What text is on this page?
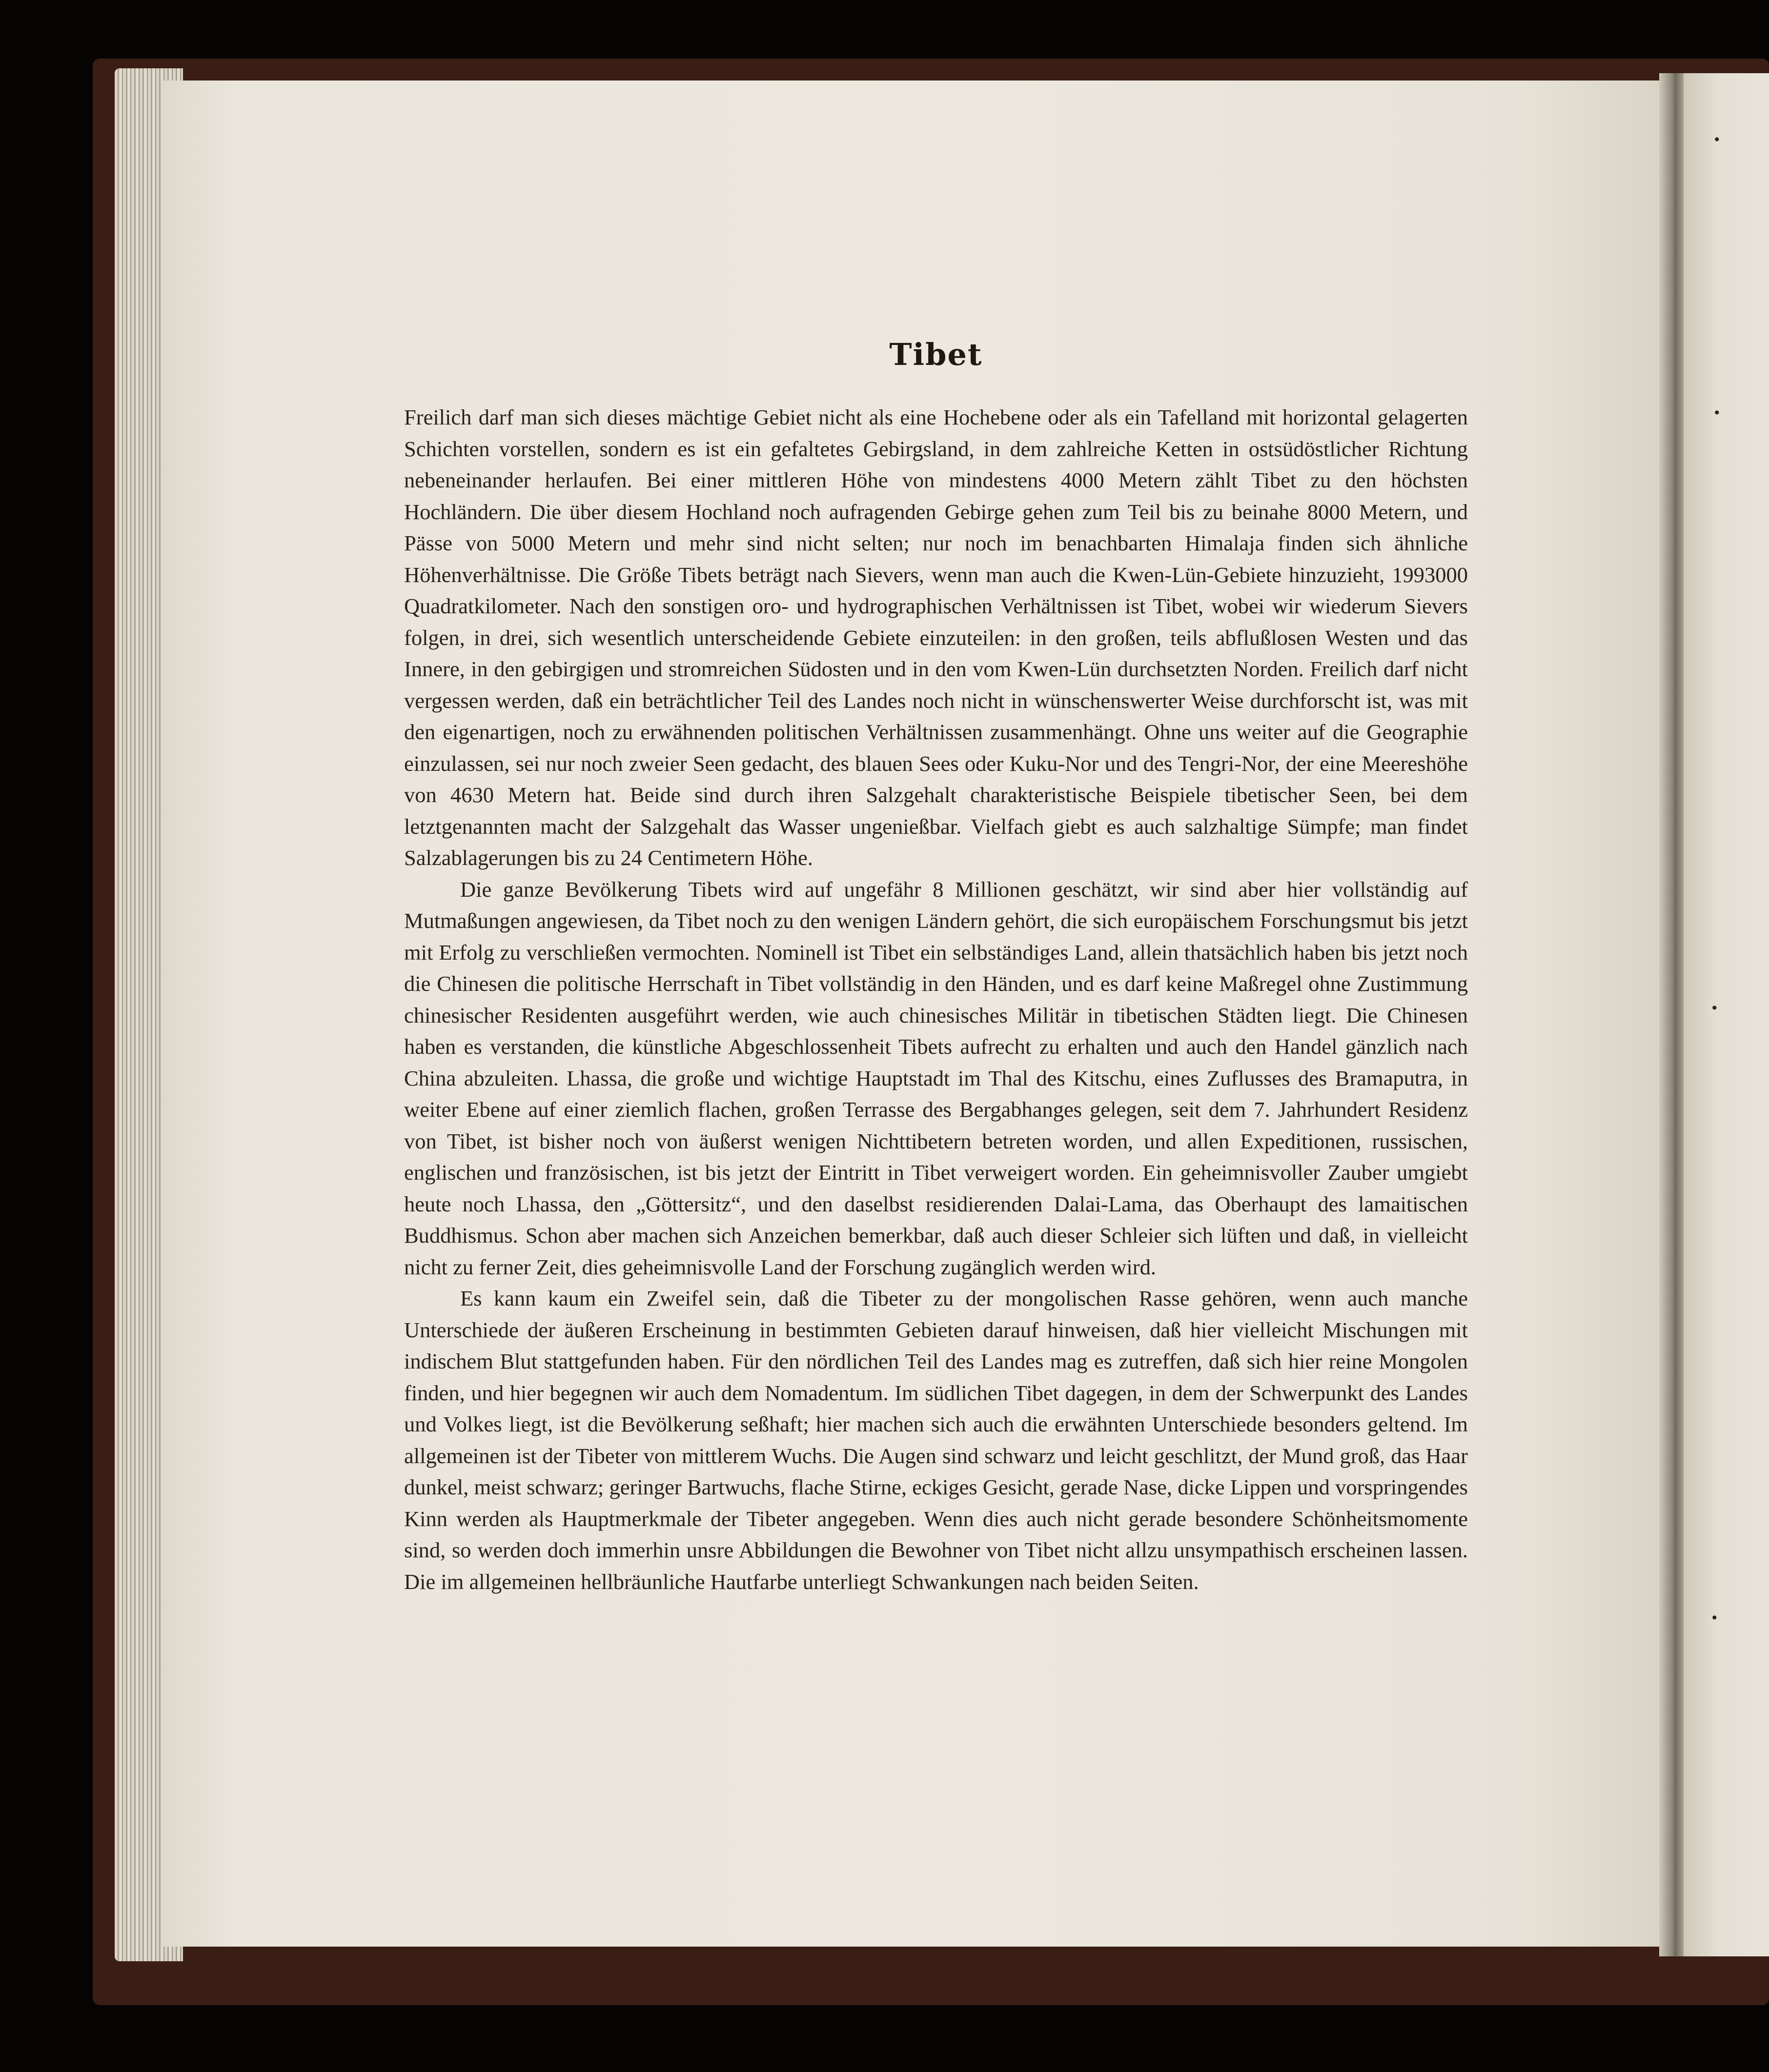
•
•
•
•
Tibet

Freilich darf man sich dieses mächtige Gebiet nicht als eine Hochebene oder als ein Tafelland mit horizontal gelagerten Schichten vorstellen, sondern es ist ein gefaltetes Gebirgsland, in dem zahlreiche Ketten in ostsüdöstlicher Richtung nebeneinander herlaufen. Bei einer mittleren Höhe von mindestens 4000 Metern zählt Tibet zu den höchsten Hochländern. Die über diesem Hochland noch aufragenden Gebirge gehen zum Teil bis zu beinahe 8000 Metern, und Pässe von 5000 Metern und mehr sind nicht selten; nur noch im benachbarten Himalaja finden sich ähnliche Höhenverhältnisse. Die Größe Tibets beträgt nach Sievers, wenn man auch die Kwen-Lün-Gebiete hinzuzieht, 1993000 Quadratkilometer. Nach den sonstigen oro- und hydrographischen Verhältnissen ist Tibet, wobei wir wiederum Sievers folgen, in drei, sich wesentlich unterscheidende Gebiete einzuteilen: in den großen, teils abflußlosen Westen und das Innere, in den gebirgigen und stromreichen Südosten und in den vom Kwen-Lün durchsetzten Norden. Freilich darf nicht vergessen werden, daß ein beträchtlicher Teil des Landes noch nicht in wünschenswerter Weise durchforscht ist, was mit den eigenartigen, noch zu erwähnenden politischen Verhältnissen zusammenhängt. Ohne uns weiter auf die Geographie einzulassen, sei nur noch zweier Seen gedacht, des blauen Sees oder Kuku-Nor und des Tengri-Nor, der eine Meereshöhe von 4630 Metern hat. Beide sind durch ihren Salzgehalt charakteristische Beispiele tibetischer Seen, bei dem letztgenannten macht der Salzgehalt das Wasser ungenießbar. Vielfach giebt es auch salzhaltige Sümpfe; man findet Salzablagerungen bis zu 24 Centimetern Höhe.

Die ganze Bevölkerung Tibets wird auf ungefähr 8 Millionen geschätzt, wir sind aber hier vollständig auf Mutmaßungen angewiesen, da Tibet noch zu den wenigen Ländern gehört, die sich europäischem Forschungsmut bis jetzt mit Erfolg zu verschließen vermochten. Nominell ist Tibet ein selbständiges Land, allein thatsächlich haben bis jetzt noch die Chinesen die politische Herrschaft in Tibet vollständig in den Händen, und es darf keine Maßregel ohne Zustimmung chinesischer Residenten ausgeführt werden, wie auch chinesisches Militär in tibetischen Städten liegt. Die Chinesen haben es verstanden, die künstliche Abgeschlossenheit Tibets aufrecht zu erhalten und auch den Handel gänzlich nach China abzuleiten. Lhassa, die große und wichtige Hauptstadt im Thal des Kitschu, eines Zuflusses des Bramaputra, in weiter Ebene auf einer ziemlich flachen, großen Terrasse des Bergabhanges gelegen, seit dem 7. Jahrhundert Residenz von Tibet, ist bisher noch von äußerst wenigen Nichttibetern betreten worden, und allen Expeditionen, russischen, englischen und französischen, ist bis jetzt der Eintritt in Tibet verweigert worden. Ein geheimnisvoller Zauber umgiebt heute noch Lhassa, den „Göttersitz“, und den daselbst residierenden Dalai-Lama, das Oberhaupt des lamaitischen Buddhismus. Schon aber machen sich Anzeichen bemerkbar, daß auch dieser Schleier sich lüften und daß, in vielleicht nicht zu ferner Zeit, dies geheimnisvolle Land der Forschung zugänglich werden wird.

Es kann kaum ein Zweifel sein, daß die Tibeter zu der mongolischen Rasse gehören, wenn auch manche Unterschiede der äußeren Erscheinung in bestimmten Gebieten darauf hinweisen, daß hier vielleicht Mischungen mit indischem Blut stattgefunden haben. Für den nördlichen Teil des Landes mag es zutreffen, daß sich hier reine Mongolen finden, und hier begegnen wir auch dem Nomadentum. Im südlichen Tibet dagegen, in dem der Schwerpunkt des Landes und Volkes liegt, ist die Bevölkerung seßhaft; hier machen sich auch die erwähnten Unterschiede besonders geltend. Im allgemeinen ist der Tibeter von mittlerem Wuchs. Die Augen sind schwarz und leicht geschlitzt, der Mund groß, das Haar dunkel, meist schwarz; geringer Bartwuchs, flache Stirne, eckiges Gesicht, gerade Nase, dicke Lippen und vorspringendes Kinn werden als Hauptmerkmale der Tibeter angegeben. Wenn dies auch nicht gerade besondere Schönheitsmomente sind, so werden doch immerhin unsre Abbildungen die Bewohner von Tibet nicht allzu unsympathisch erscheinen lassen. Die im allgemeinen hellbräunliche Hautfarbe unterliegt Schwankungen nach beiden Seiten.
